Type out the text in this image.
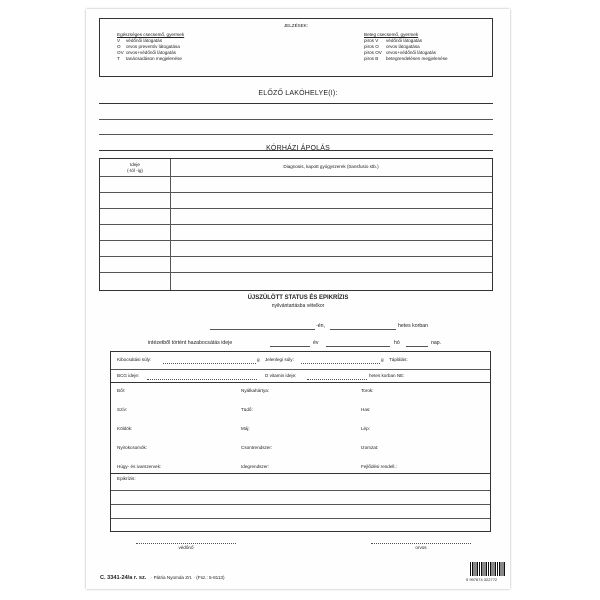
JELZÉSEK:
Egészséges csecsemő, gyermek
V védőnői látogatás
O orvos preventív látogatása
OV orvos+védőnői látogatás
T tanácsadáson megjelenése
Beteg csecsemő, gyermek
piros V védőnői látogatás
piros O orvos látogatása
piros OV orvos+védőnői látogatás
piros B betegrendelésen megjelenése
ELŐZŐ LAKÓHELYE(I):
KÓRHÁZI ÁPOLÁS
Ideje
(-tól -ig)
Diagnosis, kapott gyógyszerek (transfusio stb.)
ÚJSZÜLÖTT STATUS ÉS EPIKRÍZIS
nyilvántartásba vételkor
-én,	hetes korban
intézetből történt hazabocsátás ideje	év	hó	nap.
Kibocsátási súly:	g Jelenlegi súly:	g Táplálás:
BCG ideje:	D vitamin ideje:	hetes korban NE:
Bőr:	Nyálkahártya:	Torok:
Szív:	Tüdő:	Has:
Köldök:	Máj:	Lép:
Nyirokcsomók:	Csontrendszer:	Izomzat:
Húgy- és ivarszervek:	Idegrendszer:	Fejlődési rendell.:
Epikrízis:
védőnő	orvos
C. 3341-24/a r. sz. · Pátria Nyomda Zrt. · (Fsz.: 5-8113)	5 997674 322772
